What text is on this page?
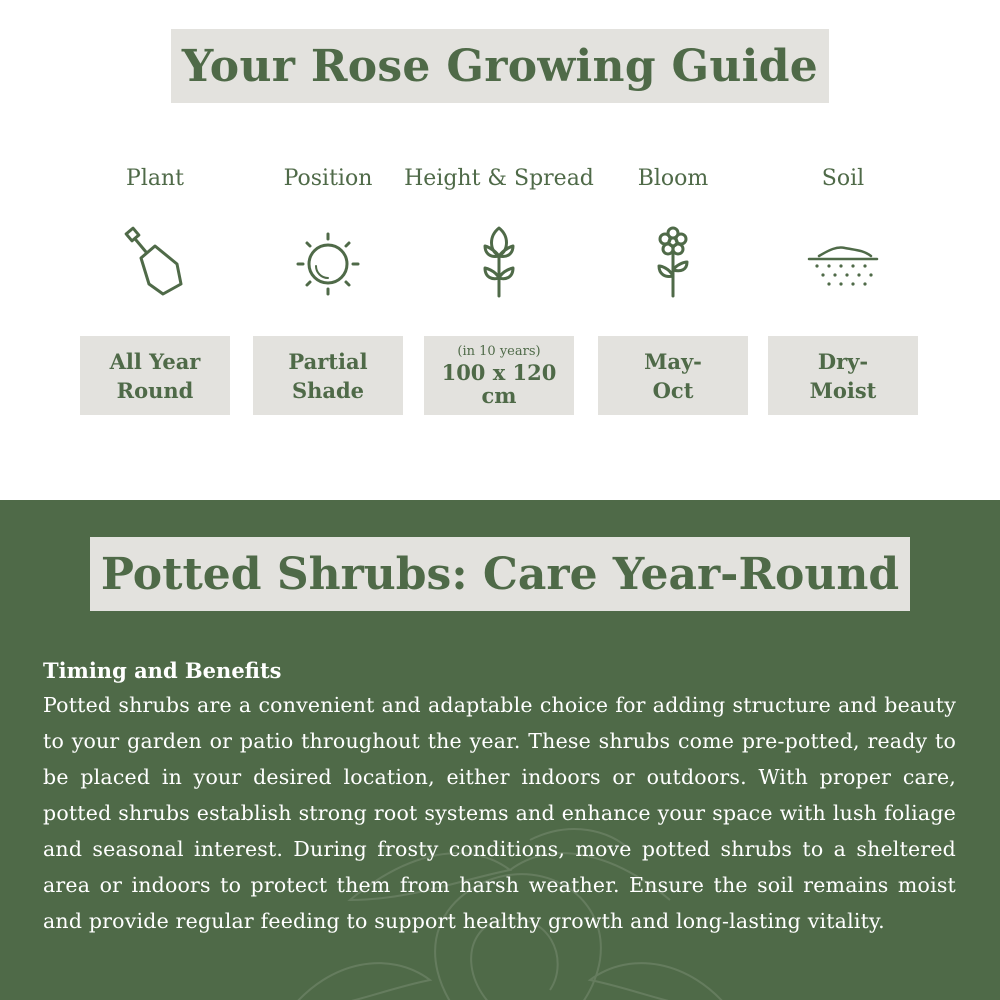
Your Rose Growing Guide
Plant
All Year Round
Position
Partial Shade
Height & Spread
(in 10 years)
100 x 120 cm
Bloom
May-Oct
Soil
Dry-Moist
Potted Shrubs: Care Year-Round
Timing and Benefits

Potted shrubs are a convenient and adaptable choice for adding structure and beauty to your garden or patio throughout the year. These shrubs come pre-potted, ready to be placed in your desired location, either indoors or outdoors. With proper care, potted shrubs establish strong root systems and enhance your space with lush foliage and seasonal interest. During frosty conditions, move potted shrubs to a sheltered area or indoors to protect them from harsh weather. Ensure the soil remains moist and provide regular feeding to support healthy growth and long-lasting vitality.
